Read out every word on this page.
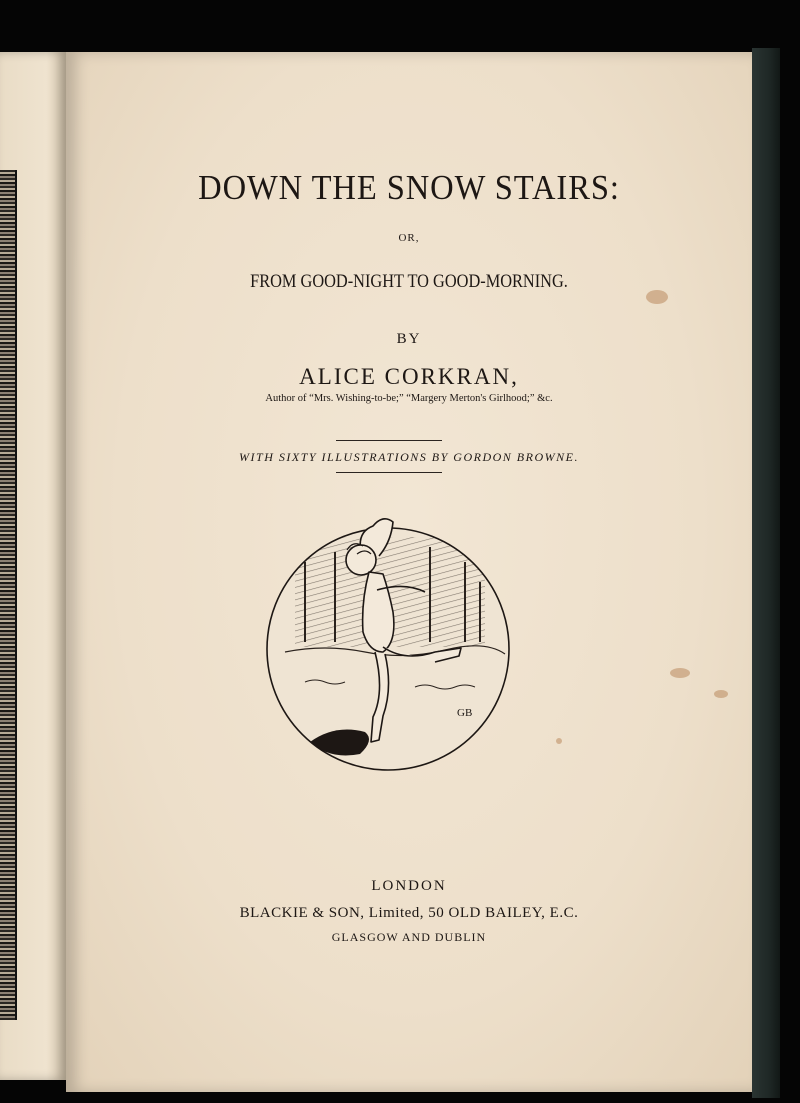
DOWN THE SNOW STAIRS:

OR,

FROM GOOD-NIGHT TO GOOD-MORNING.

BY

ALICE CORKRAN,

Author of “Mrs. Wishing-to-be;” “Margery Merton's Girlhood;” &c.

WITH SIXTY ILLUSTRATIONS BY GORDON BROWNE.

GB

LONDON

BLACKIE & SON, Limited, 50 OLD BAILEY, E.C.

GLASGOW AND DUBLIN
